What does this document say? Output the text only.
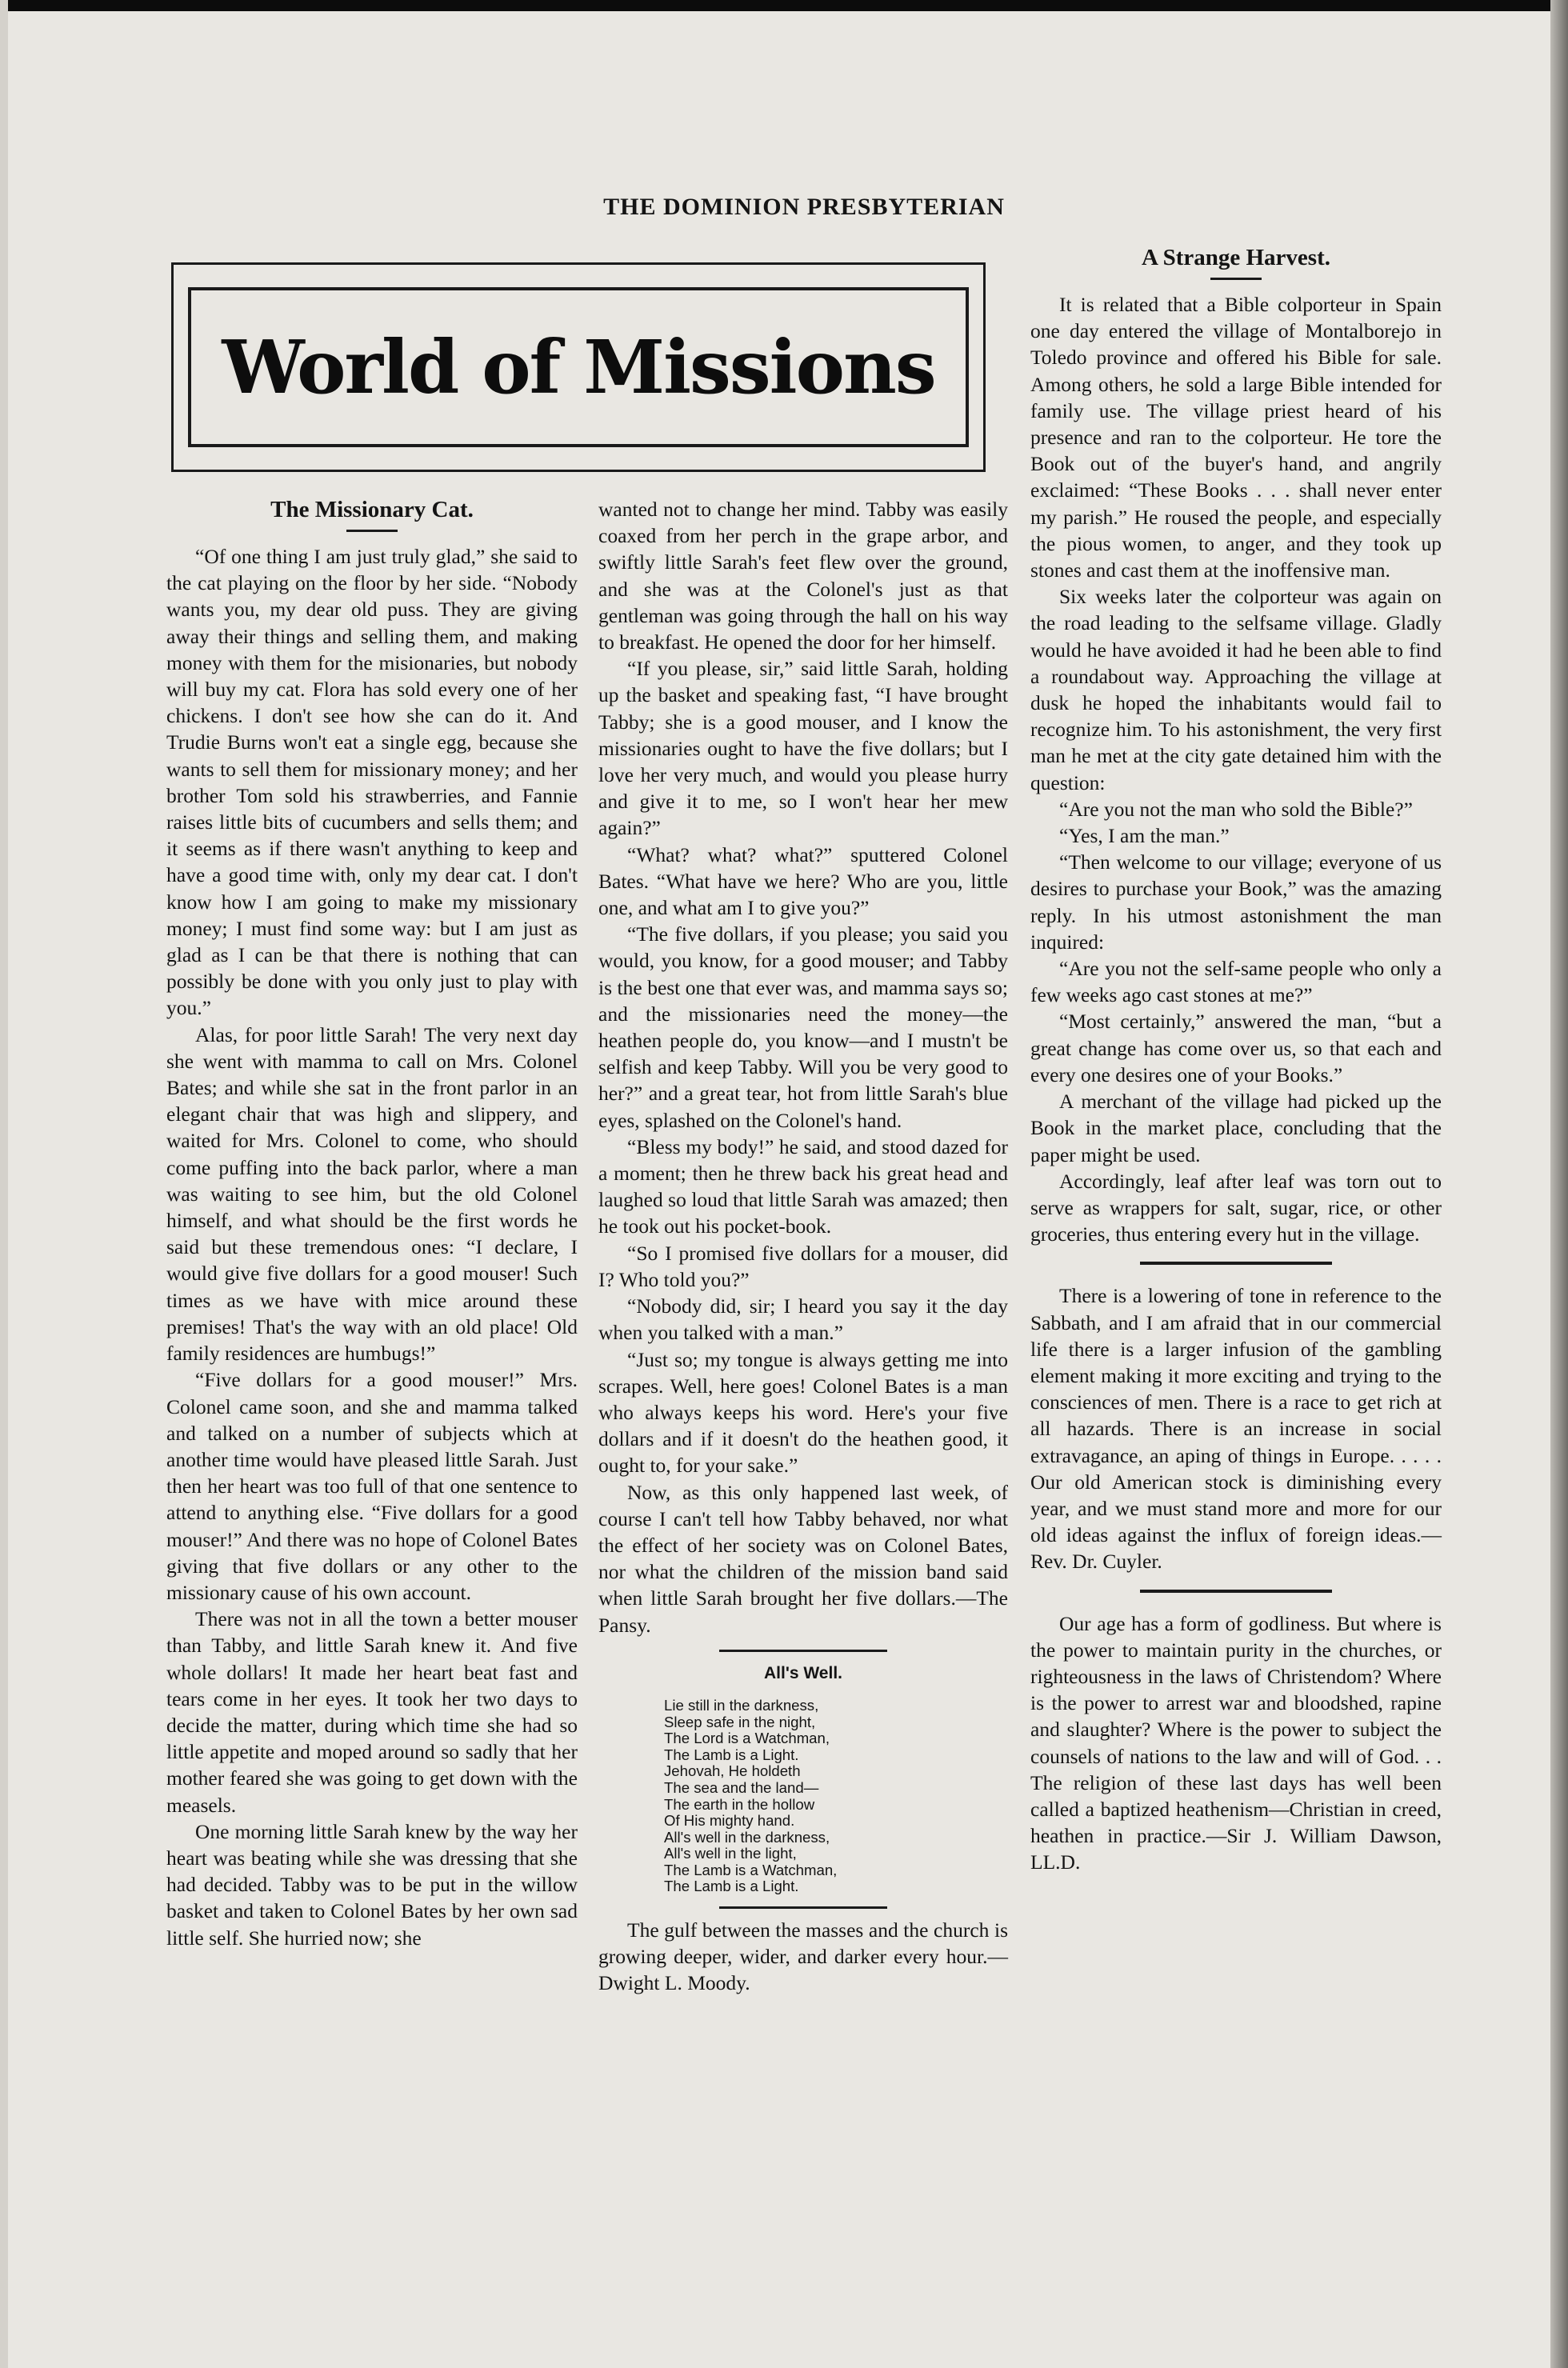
THE DOMINION PRESBYTERIAN
World of Missions
The Missionary Cat.

“Of one thing I am just truly glad,” she said to the cat playing on the floor by her side. “Nobody wants you, my dear old puss. They are giving away their things and selling them, and making money with them for the misionaries, but nobody will buy my cat. Flora has sold every one of her chickens. I don't see how she can do it. And Trudie Burns won't eat a single egg, because she wants to sell them for missionary money; and her brother Tom sold his strawberries, and Fannie raises little bits of cucumbers and sells them; and it seems as if there wasn't anything to keep and have a good time with, only my dear cat. I don't know how I am going to make my missionary money; I must find some way: but I am just as glad as I can be that there is nothing that can possibly be done with you only just to play with you.”

Alas, for poor little Sarah! The very next day she went with mamma to call on Mrs. Colonel Bates; and while she sat in the front parlor in an elegant chair that was high and slippery, and waited for Mrs. Colonel to come, who should come puffing into the back parlor, where a man was waiting to see him, but the old Colonel himself, and what should be the first words he said but these tremendous ones: “I declare, I would give five dollars for a good mouser! Such times as we have with mice around these premises! That's the way with an old place! Old family residences are humbugs!”

“Five dollars for a good mouser!” Mrs. Colonel came soon, and she and mamma talked and talked on a number of subjects which at another time would have pleased little Sarah. Just then her heart was too full of that one sentence to attend to anything else. “Five dollars for a good mouser!” And there was no hope of Colonel Bates giving that five dollars or any other to the missionary cause of his own account.

There was not in all the town a better mouser than Tabby, and little Sarah knew it. And five whole dollars! It made her heart beat fast and tears come in her eyes. It took her two days to decide the matter, during which time she had so little appetite and moped around so sadly that her mother feared she was going to get down with the measels.

One morning little Sarah knew by the way her heart was beating while she was dressing that she had decided. Tabby was to be put in the willow basket and taken to Colonel Bates by her own sad little self. She hurried now; she

wanted not to change her mind. Tabby was easily coaxed from her perch in the grape arbor, and swiftly little Sarah's feet flew over the ground, and she was at the Colonel's just as that gentleman was going through the hall on his way to breakfast. He opened the door for her himself.

“If you please, sir,” said little Sarah, holding up the basket and speaking fast, “I have brought Tabby; she is a good mouser, and I know the missionaries ought to have the five dollars; but I love her very much, and would you please hurry and give it to me, so I won't hear her mew again?”

“What? what? what?” sputtered Colonel Bates. “What have we here? Who are you, little one, and what am I to give you?”

“The five dollars, if you please; you said you would, you know, for a good mouser; and Tabby is the best one that ever was, and mamma says so; and the missionaries need the money—the heathen people do, you know—and I mustn't be selfish and keep Tabby. Will you be very good to her?” and a great tear, hot from little Sarah's blue eyes, splashed on the Colonel's hand.

“Bless my body!” he said, and stood dazed for a moment; then he threw back his great head and laughed so loud that little Sarah was amazed; then he took out his pocket-book.

“So I promised five dollars for a mouser, did I? Who told you?”

“Nobody did, sir; I heard you say it the day when you talked with a man.”

“Just so; my tongue is always getting me into scrapes. Well, here goes! Colonel Bates is a man who always keeps his word. Here's your five dollars and if it doesn't do the heathen good, it ought to, for your sake.”

Now, as this only happened last week, of course I can't tell how Tabby behaved, nor what the effect of her society was on Colonel Bates, nor what the children of the mission band said when little Sarah brought her five dollars.—The Pansy.

All's Well.
Lie still in the darkness,
Sleep safe in the night,
The Lord is a Watchman,
The Lamb is a Light.
Jehovah, He holdeth
The sea and the land—
The earth in the hollow
Of His mighty hand.
All's well in the darkness,
All's well in the light,
The Lamb is a Watchman,
The Lamb is a Light.

The gulf between the masses and the church is growing deeper, wider, and darker every hour.—Dwight L. Moody.

A Strange Harvest.

It is related that a Bible colporteur in Spain one day entered the village of Montalborejo in Toledo province and offered his Bible for sale. Among others, he sold a large Bible intended for family use. The village priest heard of his presence and ran to the colporteur. He tore the Book out of the buyer's hand, and angrily exclaimed: “These Books . . . shall never enter my parish.” He roused the people, and especially the pious women, to anger, and they took up stones and cast them at the inoffensive man.

Six weeks later the colporteur was again on the road leading to the selfsame village. Gladly would he have avoided it had he been able to find a roundabout way. Approaching the village at dusk he hoped the inhabitants would fail to recognize him. To his astonishment, the very first man he met at the city gate detained him with the question:

“Are you not the man who sold the Bible?”

“Yes, I am the man.”

“Then welcome to our village; everyone of us desires to purchase your Book,” was the amazing reply. In his utmost astonishment the man inquired:

“Are you not the self-same people who only a few weeks ago cast stones at me?”

“Most certainly,” answered the man, “but a great change has come over us, so that each and every one desires one of your Books.”

A merchant of the village had picked up the Book in the market place, concluding that the paper might be used.

Accordingly, leaf after leaf was torn out to serve as wrappers for salt, sugar, rice, or other groceries, thus entering every hut in the village.

There is a lowering of tone in reference to the Sabbath, and I am afraid that in our commercial life there is a larger infusion of the gambling element making it more exciting and trying to the consciences of men. There is a race to get rich at all hazards. There is an increase in social extravagance, an aping of things in Europe. . . . . Our old American stock is diminishing every year, and we must stand more and more for our old ideas against the influx of foreign ideas.—Rev. Dr. Cuyler.

Our age has a form of godliness. But where is the power to maintain purity in the churches, or righteousness in the laws of Christendom? Where is the power to arrest war and bloodshed, rapine and slaughter? Where is the power to subject the counsels of nations to the law and will of God. . . The religion of these last days has well been called a baptized heathenism—Christian in creed, heathen in practice.—Sir J. William Dawson, LL.D.
